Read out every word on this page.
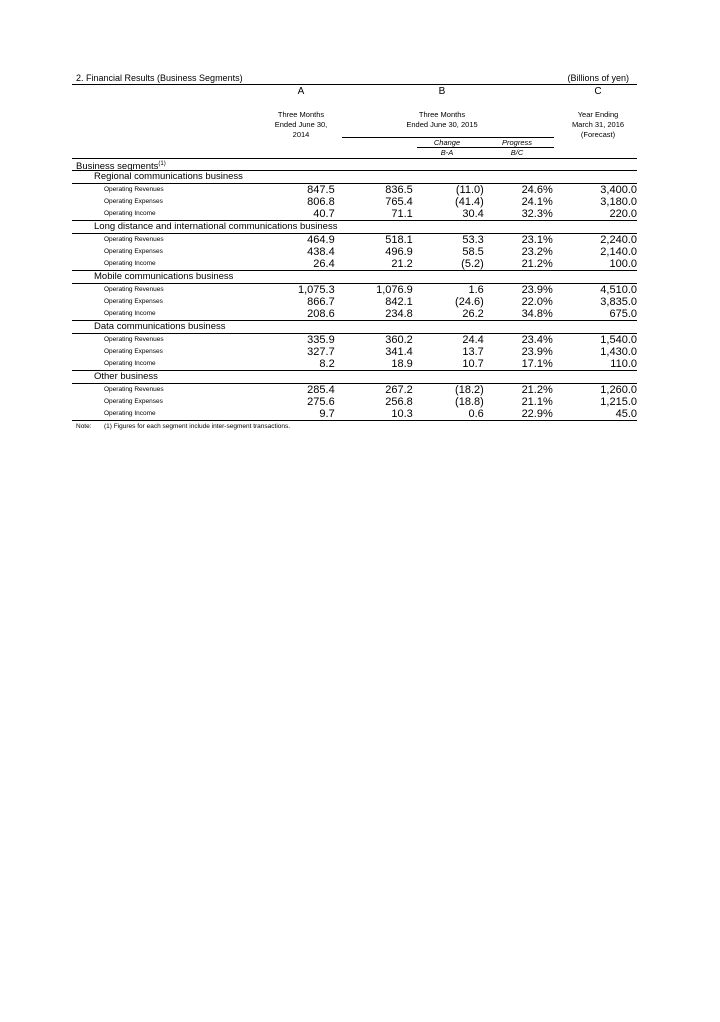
2. Financial Results (Business Segments)	(Billions of yen)
A	B	C
Three Months
Ended June 30,
2014
Three Months
Ended June 30, 2015
Year Ending
March 31, 2016
(Forecast)
Change	Progress
B-A	B/C
Business segments$^{(1)}$
Regional communications business					
Operating Revenues	847.5	836.5	(11.0)	24.6%	3,400.0
Operating Expenses	806.8	765.4	(41.4)	24.1%	3,180.0
Operating Income	40.7	71.1	30.4	32.3%	220.0
Long distance and international communications business					
Operating Revenues	464.9	518.1	53.3	23.1%	2,240.0
Operating Expenses	438.4	496.9	58.5	23.2%	2,140.0
Operating Income	26.4	21.2	(5.2)	21.2%	100.0
Mobile communications business					
Operating Revenues	1,075.3	1,076.9	1.6	23.9%	4,510.0
Operating Expenses	866.7	842.1	(24.6)	22.0%	3,835.0
Operating Income	208.6	234.8	26.2	34.8%	675.0
Data communications business					
Operating Revenues	335.9	360.2	24.4	23.4%	1,540.0
Operating Expenses	327.7	341.4	13.7	23.9%	1,430.0
Operating Income	8.2	18.9	10.7	17.1%	110.0
Other business					
Operating Revenues	285.4	267.2	(18.2)	21.2%	1,260.0
Operating Expenses	275.6	256.8	(18.8)	21.1%	1,215.0
Operating Income	9.7	10.3	0.6	22.9%	45.0
Note: (1) Figures for each segment include inter-segment transactions.
